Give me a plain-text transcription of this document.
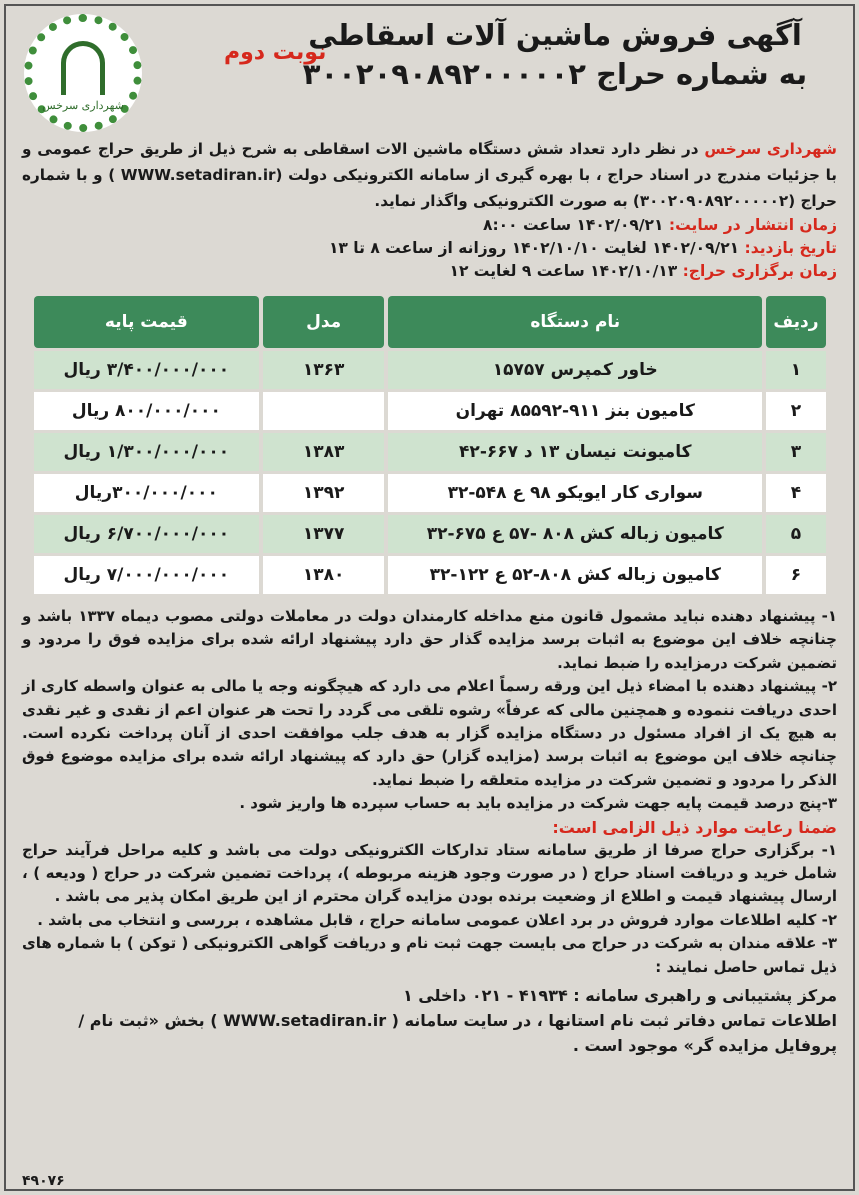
شهرداری سرخس
نوبت دوم
آگهی فروش ماشین آلات اسقاطی
به شماره حراج ۳۰۰۲۰۹۰۸۹۲۰۰۰۰۰۲
شهرداری سرخس در نظر دارد تعداد شش دستگاه ماشین الات اسقاطی به شرح ذیل از طریق حراج عمومی و با جزئیات مندرج در اسناد حراج ، با بهره گیری از سامانه الکترونیکی دولت (WWW.setadiran.ir ) و با شماره حراج (۳۰۰۲۰۹۰۸۹۲۰۰۰۰۰۲) به صورت الکترونیکی واگذار نماید.
زمان انتشار در سایت: ۱۴۰۲/۰۹/۲۱ ساعت ۸:۰۰
تاریخ بازدید: ۱۴۰۲/۰۹/۲۱ لغایت ۱۴۰۲/۱۰/۱۰ روزانه از ساعت ۸ تا ۱۳
زمان برگزاری حراج: ۱۴۰۲/۱۰/۱۳ ساعت ۹ لغایت ۱۲
ردیف	نام دستگاه	مدل	قیمت پایه
۱	خاور کمپرس ۱۵۷۵۷	۱۳۶۳	۳/۴۰۰/۰۰۰/۰۰۰ ریال
۲	کامیون بنز ۹۱۱-۸۵۵۹۲ تهران		۸۰۰/۰۰۰/۰۰۰ ریال
۳	کامیونت نیسان ۱۳ د ۶۶۷-۴۲	۱۳۸۳	۱/۳۰۰/۰۰۰/۰۰۰ ریال
۴	سواری کار ایویکو ۹۸ ع ۵۴۸-۳۲	۱۳۹۲	۳۰۰/۰۰۰/۰۰۰ریال
۵	کامیون زباله کش ۸۰۸ -۵۷ ع ۶۷۵-۳۲	۱۳۷۷	۶/۷۰۰/۰۰۰/۰۰۰ ریال
۶	کامیون زباله کش ۸۰۸-۵۲ ع ۱۲۲-۳۲	۱۳۸۰	۷/۰۰۰/۰۰۰/۰۰۰ ریال

۱- پیشنهاد دهنده نباید مشمول قانون منع مداخله کارمندان دولت در معاملات دولتی مصوب دیماه ۱۳۳۷ باشد و چنانچه خلاف این موضوع به اثبات برسد مزایده گذار حق دارد پیشنهاد ارائه شده برای مزایده فوق را مردود و تضمین شرکت درمزایده را ضبط نماید.

۲- پیشنهاد دهنده با امضاء ذیل این ورقه رسماً اعلام می دارد که هیچگونه وجه یا مالی به عنوان واسطه کاری از احدی دریافت ننموده و همچنین مالی که عرفاً» رشوه تلقی می گردد را تحت هر عنوان اعم از نقدی و غیر نقدی به هیچ یک از افراد مسئول در دستگاه مزایده گزار به هدف جلب موافقت احدی از آنان پرداخت نکرده است. چنانچه خلاف این موضوع به اثبات برسد (مزایده گزار) حق دارد که پیشنهاد ارائه شده برای مزایده موضوع فوق الذکر را مردود و تضمین شرکت در مزایده متعلقه را ضبط نماید.

۳-پنج درصد قیمت پایه جهت شرکت در مزایده باید به حساب سپرده ها واریز شود .

ضمنا رعایت موارد ذیل الزامی است:

۱- برگزاری حراج صرفا از طریق سامانه ستاد تدارکات الکترونیکی دولت می باشد و کلیه مراحل فرآیند حراج شامل خرید و دریافت اسناد حراج ( در صورت وجود هزینه مربوطه )، پرداخت تضمین شرکت در حراج ( ودیعه ) ، ارسال پیشنهاد قیمت و اطلاع از وضعیت برنده بودن مزایده گران محترم از این طریق امکان پذیر می باشد .

۲- کلیه اطلاعات موارد فروش در برد اعلان عمومی سامانه حراج ، قابل مشاهده ، بررسی و انتخاب می باشد .

۳- علاقه مندان به شرکت در حراج می بایست جهت ثبت نام و دریافت گواهی الکترونیکی ( توکن ) با شماره های ذیل تماس حاصل نمایند :

مرکز پشتیبانی و راهبری سامانه : ۴۱۹۳۴ - ۰۲۱ داخلی ۱
اطلاعات تماس دفاتر ثبت نام استانها ، در سایت سامانه ( WWW.setadiran.ir ) بخش «ثبت نام / پروفایل مزایده گر» موجود است .
۴۹۰۷۶
